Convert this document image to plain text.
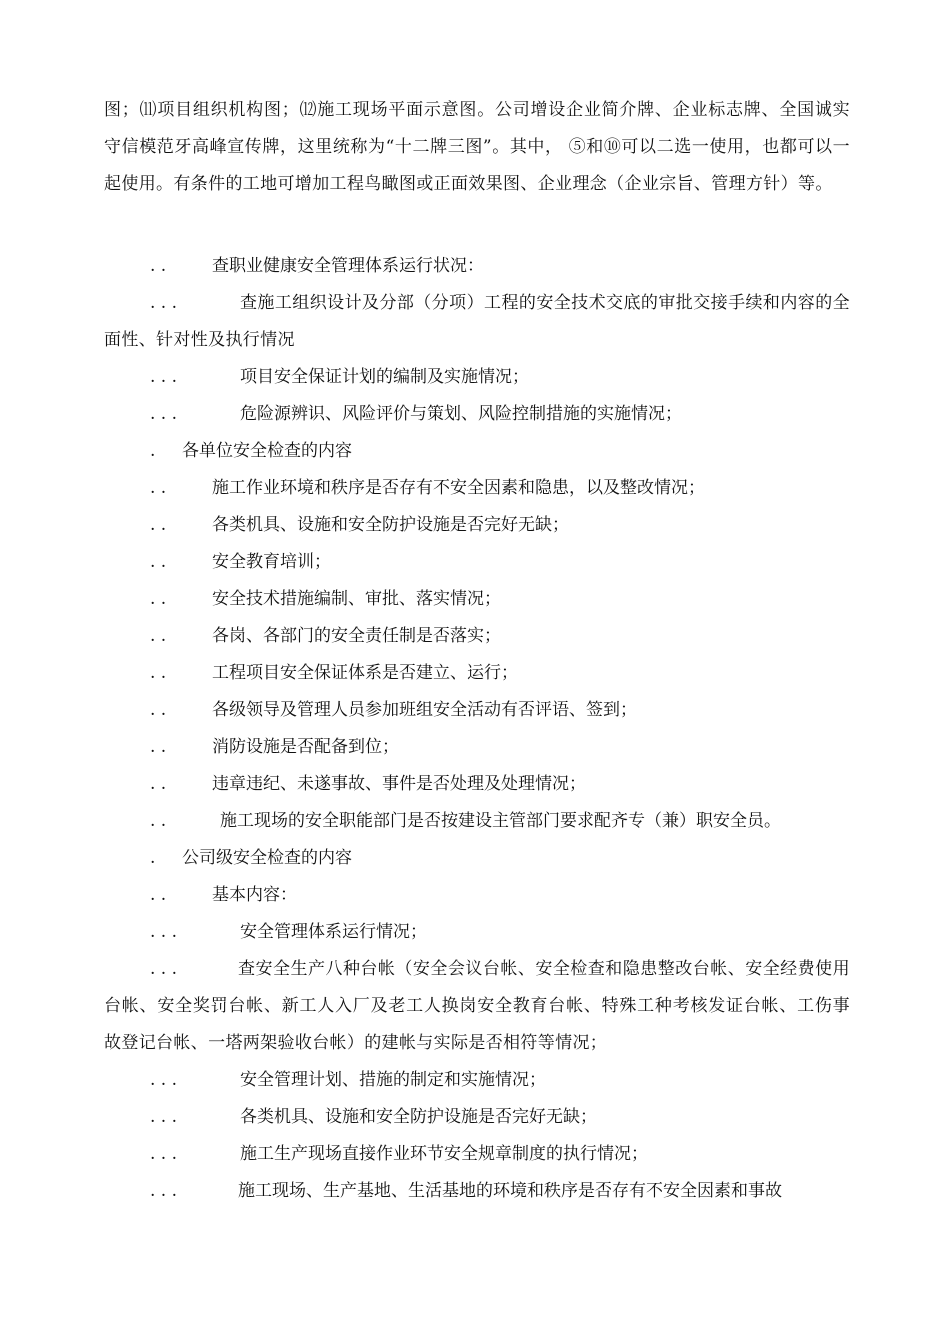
图；⑾项目组织机构图；⑿施工现场平面示意图。公司增设企业简介牌、企业标志牌、全国诚实守信模范牙高峰宣传牌，这里统称为“十二牌三图”。其中， ⑤和⑩可以二选一使用，也都可以一起使用。有条件的工地可增加工程鸟瞰图或正面效果图、企业理念（企业宗旨、管理方针）等。
. .	查职业健康安全管理体系运行状况：
. . .	查施工组织设计及分部（分项）工程的安全技术交底的审批交接手续和内容的全面性、针对性及执行情况
. . .	项目安全保证计划的编制及实施情况；
. . .	危险源辨识、风险评价与策划、风险控制措施的实施情况；
. 各单位安全检查的内容
. .	施工作业环境和秩序是否存有不安全因素和隐患，以及整改情况；
. .	各类机具、设施和安全防护设施是否完好无缺；
. .	安全教育培训；
. .	安全技术措施编制、审批、落实情况；
. .	各岗、各部门的安全责任制是否落实；
. .	工程项目安全保证体系是否建立、运行；
. .	各级领导及管理人员参加班组安全活动有否评语、签到；
. .	消防设施是否配备到位；
. .	违章违纪、未遂事故、事件是否处理及处理情况；
. .	施工现场的安全职能部门是否按建设主管部门要求配齐专（兼）职安全员。
. 公司级安全检查的内容
. .	基本内容：
. . .	安全管理体系运行情况；
. . .	查安全生产八种台帐（安全会议台帐、安全检查和隐患整改台帐、安全经费使用台帐、安全奖罚台帐、新工人入厂及老工人换岗安全教育台帐、特殊工种考核发证台帐、工伤事故登记台帐、一塔两架验收台帐）的建帐与实际是否相符等情况；
. . .	安全管理计划、措施的制定和实施情况；
. . .	各类机具、设施和安全防护设施是否完好无缺；
. . .	施工生产现场直接作业环节安全规章制度的执行情况；
. . .	施工现场、生产基地、生活基地的环境和秩序是否存有不安全因素和事故
